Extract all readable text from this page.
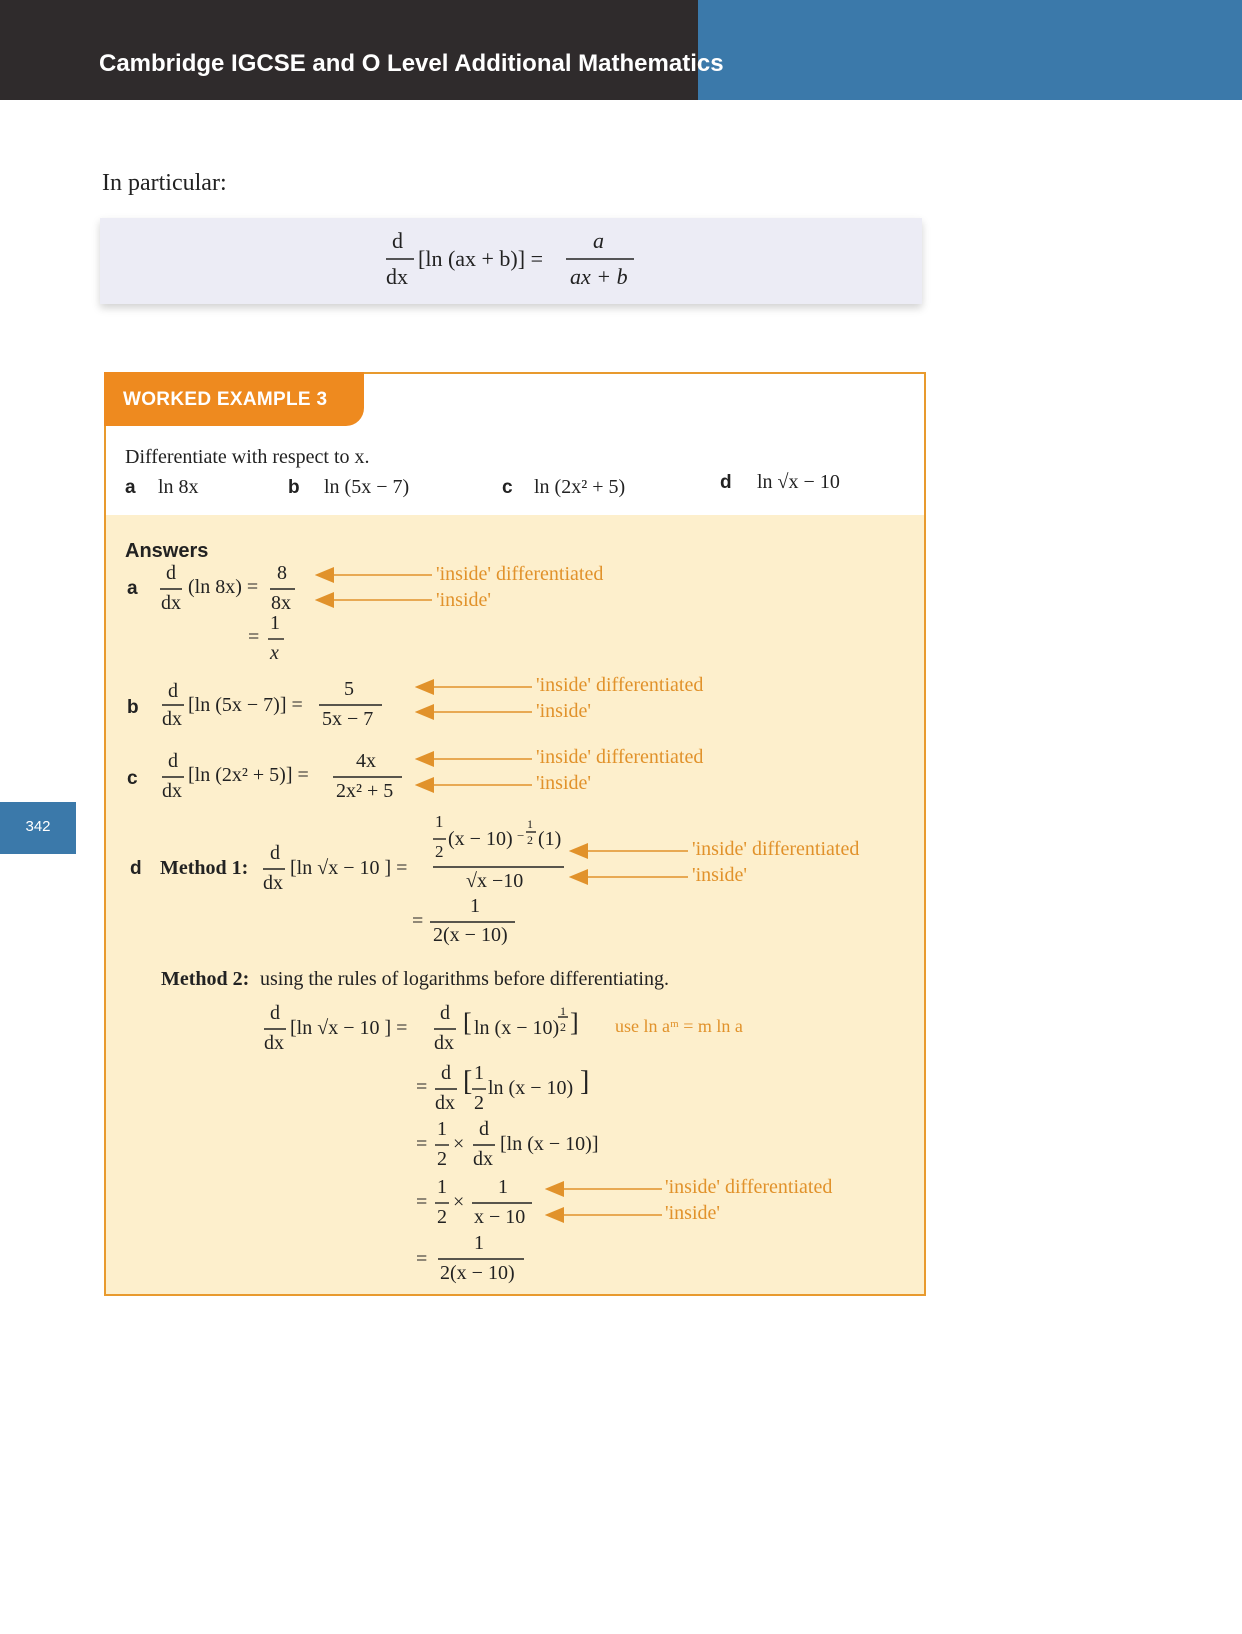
Cambridge IGCSE and O Level Additional Mathematics
In particular:
d
dx
[ln (ax + b)] =
a
ax + b
342
WORKED EXAMPLE 3
Differentiate with respect to x.
a ln 8x	b ln (5x − 7)	c ln (2x² + 5)	d ln √x − 10
Answers
a
d
dx
(ln 8x) =
8
8x
=
1
x
'inside' differentiated
'inside'
b
d
dx
[ln (5x − 7)] =
5
5x − 7
'inside' differentiated
'inside'
c
d
dx
[ln (2x² + 5)] =
4x
2x² + 5
'inside' differentiated
'inside'
d Method 1:
d
dx
[ln √x − 10 ] =
1
2
(x − 10) −
1
2 (1)
√x −10
=
1
2(x − 10)
'inside' differentiated
'inside'
Method 2: using the rules of logarithms before differentiating.
d
dx
[ln √x − 10 ] =
d
dx
[ ln (x − 10)
1
2 ] use ln aᵐ = m ln a
=
d
dx
[ 1
2
ln (x − 10) ]
=
1
2
×
d
dx
[ln (x − 10)]
=
1
2
×
1
x − 10
'inside' differentiated
'inside'
=
1
2(x − 10)
